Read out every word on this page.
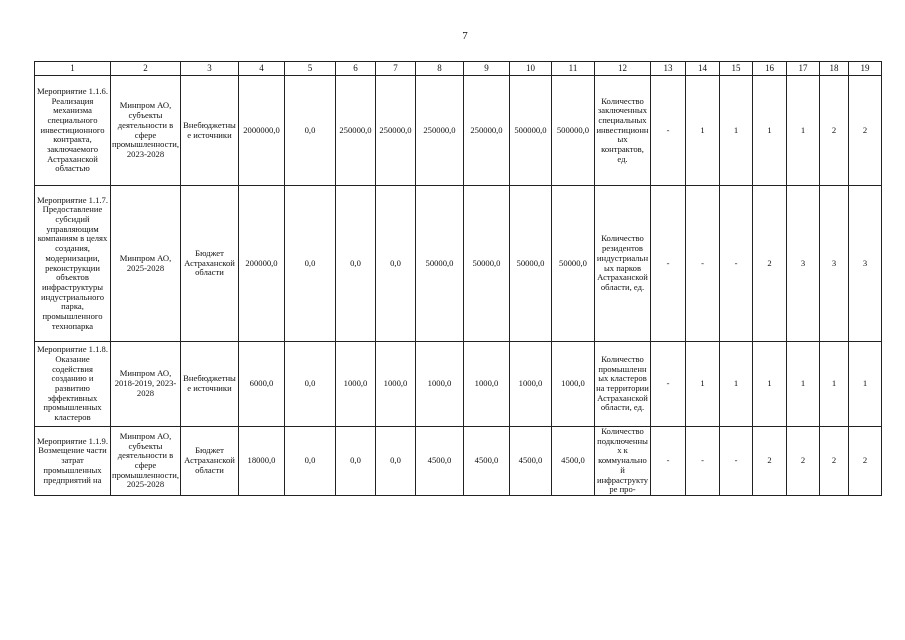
7
1	2	3	4	5	6	7	8	9	10	11	12	13	14	15	16	17	18	19
Мероприятие 1.1.6. Реализация механизма специального инвестиционного контракта, заключаемого Астраханской областью	Минпром АО, субъекты деятельности в сфере промышленности, 2023-2028	Внебюджетные источники	2000000,0	0,0	250000,0	250000,0	250000,0	250000,0	500000,0	500000,0	Количество заключенных специальных инвестиционных контрактов, ед.	-	1	1	1	1	2	2
Мероприятие 1.1.7. Предоставление субсидий управляющим компаниям в целях создания, модернизации, реконструкции объектов инфраструктуры индустриального парка, промышленного технопарка	Минпром АО, 2025-2028	Бюджет Астраханской области	200000,0	0,0	0,0	0,0	50000,0	50000,0	50000,0	50000,0	Количество резидентов индустриальных парков Астраханской области, ед.	-	-	-	2	3	3	3
Мероприятие 1.1.8. Оказание содействия созданию и развитию эффективных промышленных кластеров	Минпром АО, 2018-2019, 2023-2028	Внебюджетные источники	6000,0	0,0	1000,0	1000,0	1000,0	1000,0	1000,0	1000,0	Количество промышленных кластеров на территории Астраханской области, ед.	-	1	1	1	1	1	1
Мероприятие 1.1.9. Возмещение части затрат промышленных предприятий на	Минпром АО, субъекты деятельности в сфере промышленности, 2025-2028	Бюджет Астраханской области	18000,0	0,0	0,0	0,0	4500,0	4500,0	4500,0	4500,0	Количество подключенных к коммунальной инфраструктуре про-	-	-	-	2	2	2	2
